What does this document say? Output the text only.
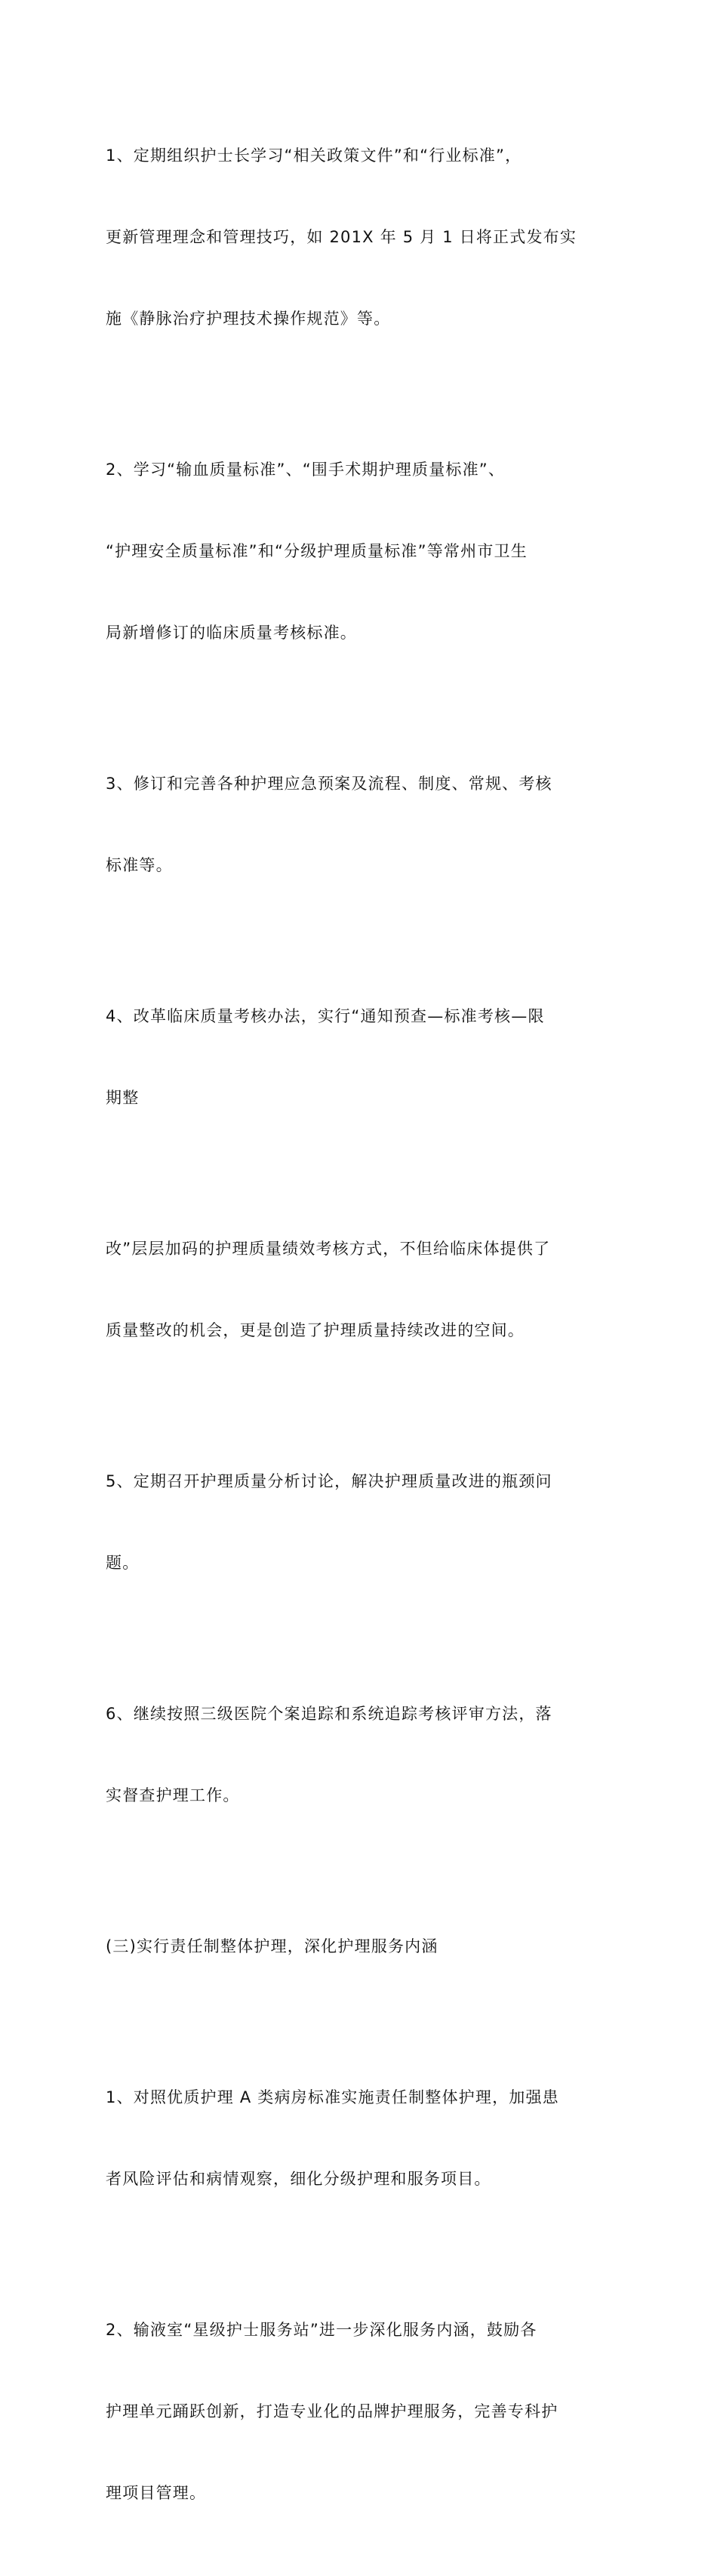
1、定期组织护士长学习“相关政策文件”和“行业标准”，

更新管理理念和管理技巧，如 201X 年 5 月 1 日将正式发布实

施《静脉治疗护理技术操作规范》等。

2、学习“输血质量标准”、“围手术期护理质量标准”、

“护理安全质量标准”和“分级护理质量标准”等常州市卫生

局新增修订的临床质量考核标准。

3、修订和完善各种护理应急预案及流程、制度、常规、考核

标准等。

4、改革临床质量考核办法，实行“通知预查—标准考核—限

期整

改”层层加码的护理质量绩效考核方式，不但给临床体提供了

质量整改的机会，更是创造了护理质量持续改进的空间。

5、定期召开护理质量分析讨论，解决护理质量改进的瓶颈问

题。

6、继续按照三级医院个案追踪和系统追踪考核评审方法，落

实督查护理工作。

(三)实行责任制整体护理，深化护理服务内涵

1、对照优质护理 A 类病房标准实施责任制整体护理，加强患

者风险评估和病情观察，细化分级护理和服务项目。

2、输液室“星级护士服务站”进一步深化服务内涵，鼓励各

护理单元踊跃创新，打造专业化的品牌护理服务，完善专科护

理项目管理。
